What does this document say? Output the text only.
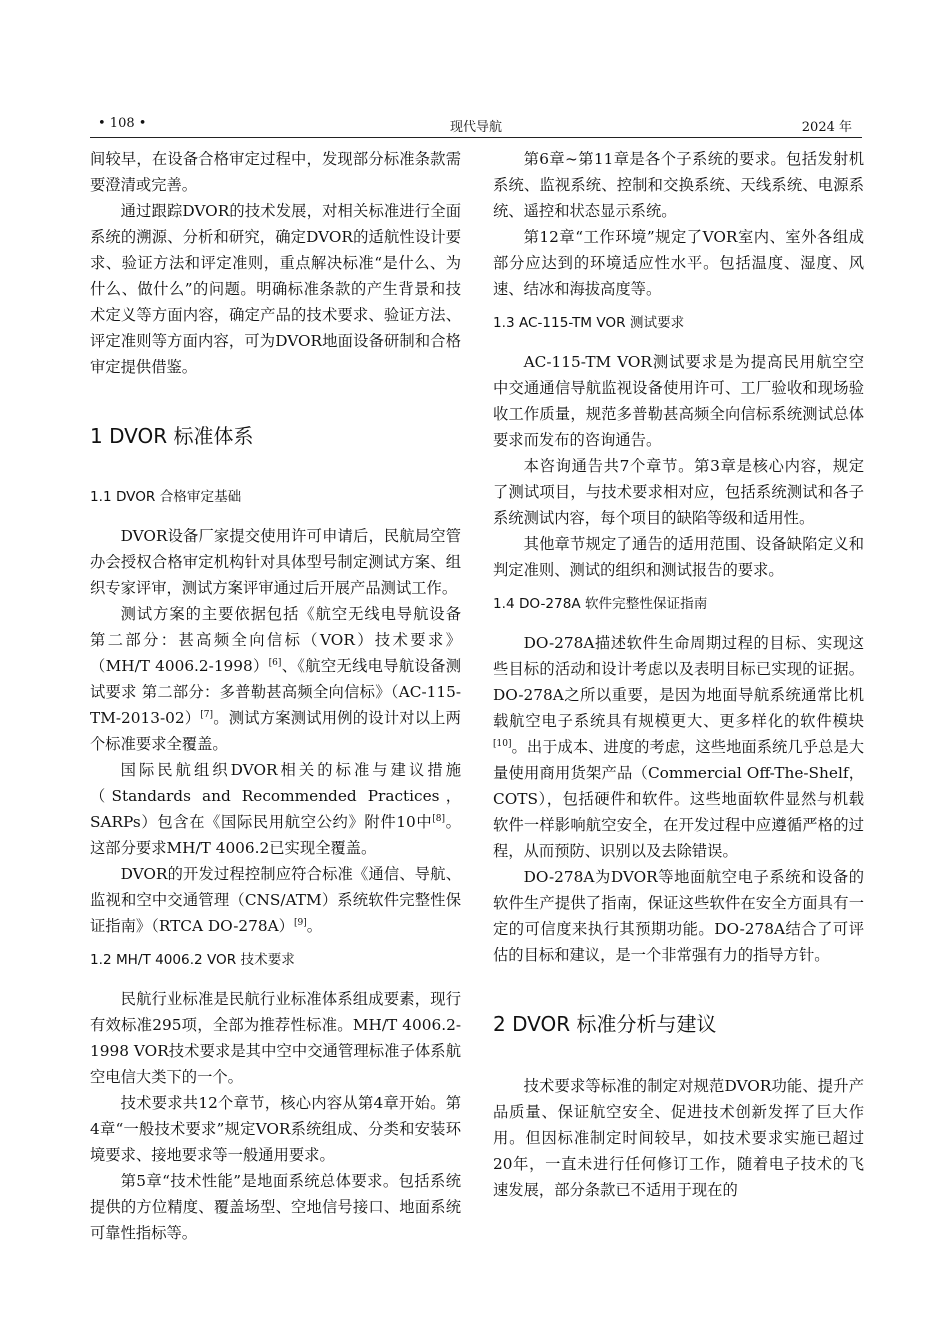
• 108 •	现代导航	2024 年

间较早，在设备合格审定过程中，发现部分标准条款需要澄清或完善。

通过跟踪DVOR的技术发展，对相关标准进行全面系统的溯源、分析和研究，确定DVOR的适航性设计要求、验证方法和评定准则，重点解决标准“是什么、为什么、做什么”的问题。明确标准条款的产生背景和技术定义等方面内容，确定产品的技术要求、验证方法、评定准则等方面内容，可为DVOR地面设备研制和合格审定提供借鉴。

1 DVOR 标准体系
1.1 DVOR 合格审定基础

DVOR设备厂家提交使用许可申请后，民航局空管办会授权合格审定机构针对具体型号制定测试方案、组织专家评审，测试方案评审通过后开展产品测试工作。

测试方案的主要依据包括《航空无线电导航设备 第二部分：甚高频全向信标（VOR）技术要求》（MH/T 4006.2-1998）[6]、《航空无线电导航设备测试要求 第二部分：多普勒甚高频全向信标》（AC-115-TM-2013-02）[7]。测试方案测试用例的设计对以上两个标准要求全覆盖。

国际民航组织DVOR相关的标准与建议措施（Standards and Recommended Practices，SARPs）包含在《国际民用航空公约》附件10中[8]。这部分要求MH/T 4006.2已实现全覆盖。

DVOR的开发过程控制应符合标准《通信、导航、监视和空中交通管理（CNS/ATM）系统软件完整性保证指南》（RTCA DO-278A）[9]。

1.2 MH/T 4006.2 VOR 技术要求

民航行业标准是民航行业标准体系组成要素，现行有效标准295项，全部为推荐性标准。MH/T 4006.2-1998 VOR技术要求是其中空中交通管理标准子体系航空电信大类下的一个。

技术要求共12个章节，核心内容从第4章开始。第4章“一般技术要求”规定VOR系统组成、分类和安装环境要求、接地要求等一般通用要求。

第5章“技术性能”是地面系统总体要求。包括系统提供的方位精度、覆盖场型、空地信号接口、地面系统可靠性指标等。

第6章~第11章是各个子系统的要求。包括发射机系统、监视系统、控制和交换系统、天线系统、电源系统、遥控和状态显示系统。

第12章“工作环境”规定了VOR室内、室外各组成部分应达到的环境适应性水平。包括温度、湿度、风速、结冰和海拔高度等。

1.3 AC-115-TM VOR 测试要求

AC-115-TM VOR测试要求是为提高民用航空空中交通通信导航监视设备使用许可、工厂验收和现场验收工作质量，规范多普勒甚高频全向信标系统测试总体要求而发布的咨询通告。

本咨询通告共7个章节。第3章是核心内容，规定了测试项目，与技术要求相对应，包括系统测试和各子系统测试内容，每个项目的缺陷等级和适用性。

其他章节规定了通告的适用范围、设备缺陷定义和判定准则、测试的组织和测试报告的要求。

1.4 DO-278A 软件完整性保证指南

DO-278A描述软件生命周期过程的目标、实现这些目标的活动和设计考虑以及表明目标已实现的证据。DO-278A之所以重要，是因为地面导航系统通常比机载航空电子系统具有规模更大、更多样化的软件模块[10]。出于成本、进度的考虑，这些地面系统几乎总是大量使用商用货架产品（Commercial Off-The-Shelf，COTS），包括硬件和软件。这些地面软件显然与机载软件一样影响航空安全，在开发过程中应遵循严格的过程，从而预防、识别以及去除错误。

DO-278A为DVOR等地面航空电子系统和设备的软件生产提供了指南，保证这些软件在安全方面具有一定的可信度来执行其预期功能。DO-278A结合了可评估的目标和建议，是一个非常强有力的指导方针。

2 DVOR 标准分析与建议

技术要求等标准的制定对规范DVOR功能、提升产品质量、保证航空安全、促进技术创新发挥了巨大作用。但因标准制定时间较早，如技术要求实施已超过20年，一直未进行任何修订工作，随着电子技术的飞速发展，部分条款已不适用于现在的
